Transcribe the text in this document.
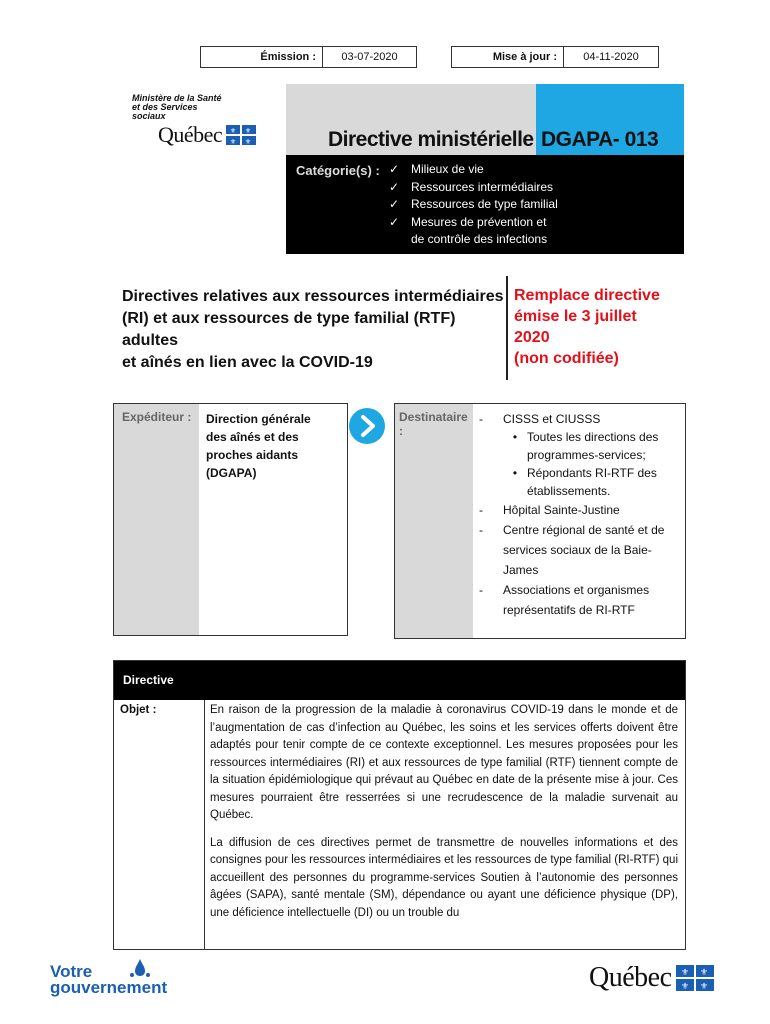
Émission :	03-07-2020	Mise à jour :	04-11-2020
Ministère de la Santé
et des Services
sociaux
Québec ⚜ ⚜
⚜ ⚜	Directive ministérielle DGAPA- 013
Catégorie(s) : ✓ Milieux de vie
✓ Ressources intermédiaires
✓ Ressources de type familial
✓ Mesures de prévention et
de contrôle des infections
Directives relatives aux ressources intermédiaires
(RI) et aux ressources de type familial (RTF) adultes
et aînés en lien avec la COVID-19
Remplace directive
émise le 3 juillet
2020
(non codifiée)
Expéditeur :	Direction générale
des aînés et des
proches aidants
(DGAPA)
Destinataire :
-	CISSS et CIUSSS
• Toutes les directions des
programmes-services;
• Répondants RI-RTF des
établissements.
-	Hôpital Sainte-Justine
-	Centre régional de santé et de
services sociaux de la Baie-
James
-	Associations et organismes
représentatifs de RI-RTF
Directive
Objet :	En raison de la progression de la maladie à coronavirus COVID-19 dans le monde et de l’augmentation de cas d’infection au Québec, les soins et les services offerts doivent être adaptés pour tenir compte de ce contexte exceptionnel. Les mesures proposées pour les ressources intermédiaires (RI) et aux ressources de type familial (RTF) tiennent compte de la situation épidémiologique qui prévaut au Québec en date de la présente mise à jour. Ces mesures pourraient être resserrées si une recrudescence de la maladie survenait au Québec.

La diffusion de ces directives permet de transmettre de nouvelles informations et des consignes pour les ressources intermédiaires et les ressources de type familial (RI-RTF) qui accueillent des personnes du programme-services Soutien à l’autonomie des personnes âgées (SAPA), santé mentale (SM), dépendance ou ayant une déficience physique (DP), une déficience intellectuelle (DI) ou un trouble du

Votre
gouvernement	Québec ⚜ ⚜
⚜ ⚜
